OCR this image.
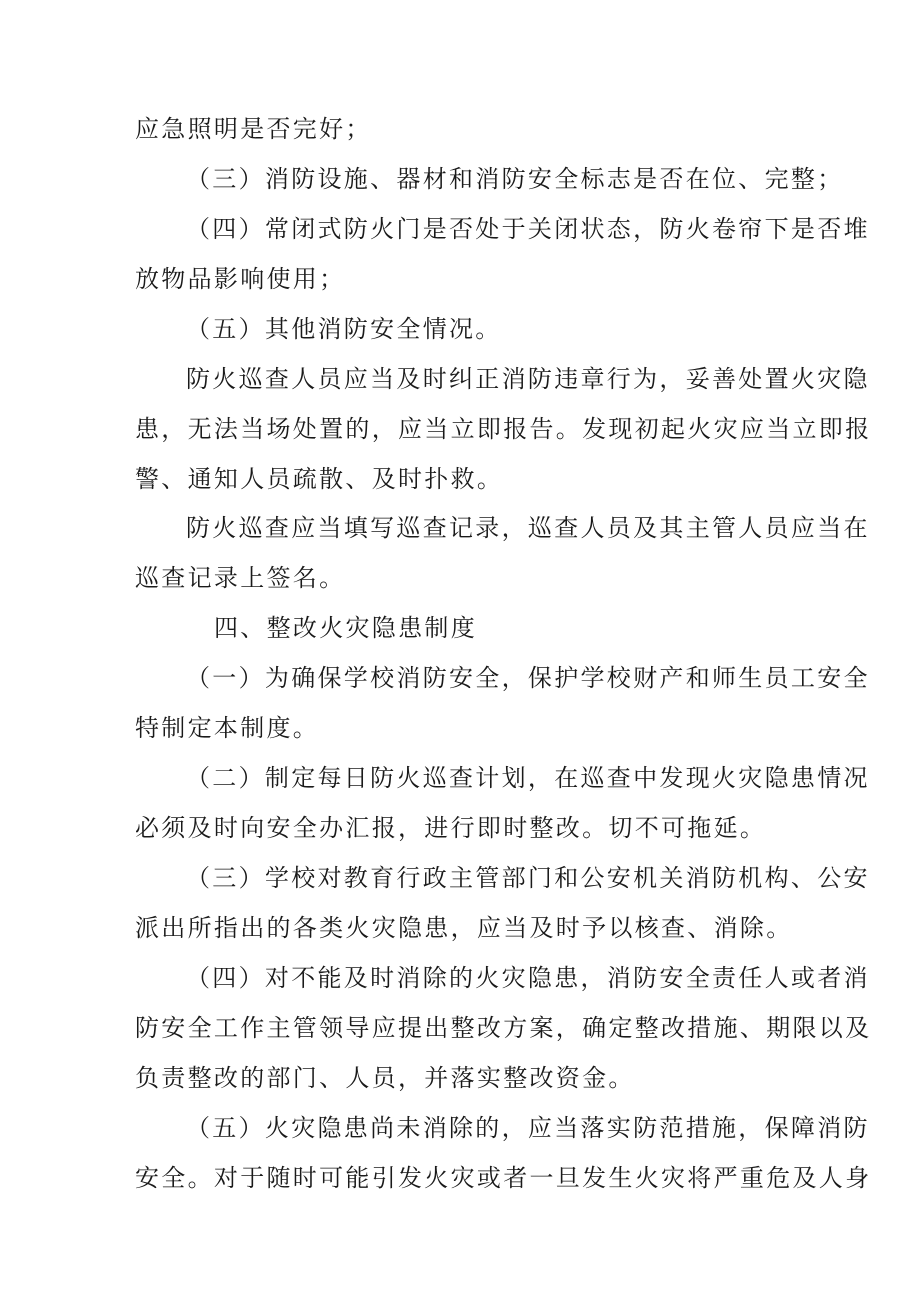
应急照明是否完好；
（三）消防设施、器材和消防安全标志是否在位、完整；
（四）常闭式防火门是否处于关闭状态，防火卷帘下是否堆
放物品影响使用；
（五）其他消防安全情况。
防火巡查人员应当及时纠正消防违章行为，妥善处置火灾隐
患，无法当场处置的，应当立即报告。发现初起火灾应当立即报
警、通知人员疏散、及时扑救。
防火巡查应当填写巡查记录，巡查人员及其主管人员应当在
巡查记录上签名。
四、整改火灾隐患制度
（一）为确保学校消防安全，保护学校财产和师生员工安全
特制定本制度。
（二）制定每日防火巡查计划，在巡查中发现火灾隐患情况
必须及时向安全办汇报，进行即时整改。切不可拖延。
（三）学校对教育行政主管部门和公安机关消防机构、公安
派出所指出的各类火灾隐患，应当及时予以核查、消除。
（四）对不能及时消除的火灾隐患，消防安全责任人或者消
防安全工作主管领导应提出整改方案，确定整改措施、期限以及
负责整改的部门、人员，并落实整改资金。
（五）火灾隐患尚未消除的，应当落实防范措施，保障消防
安全。对于随时可能引发火灾或者一旦发生火灾将严重危及人身
